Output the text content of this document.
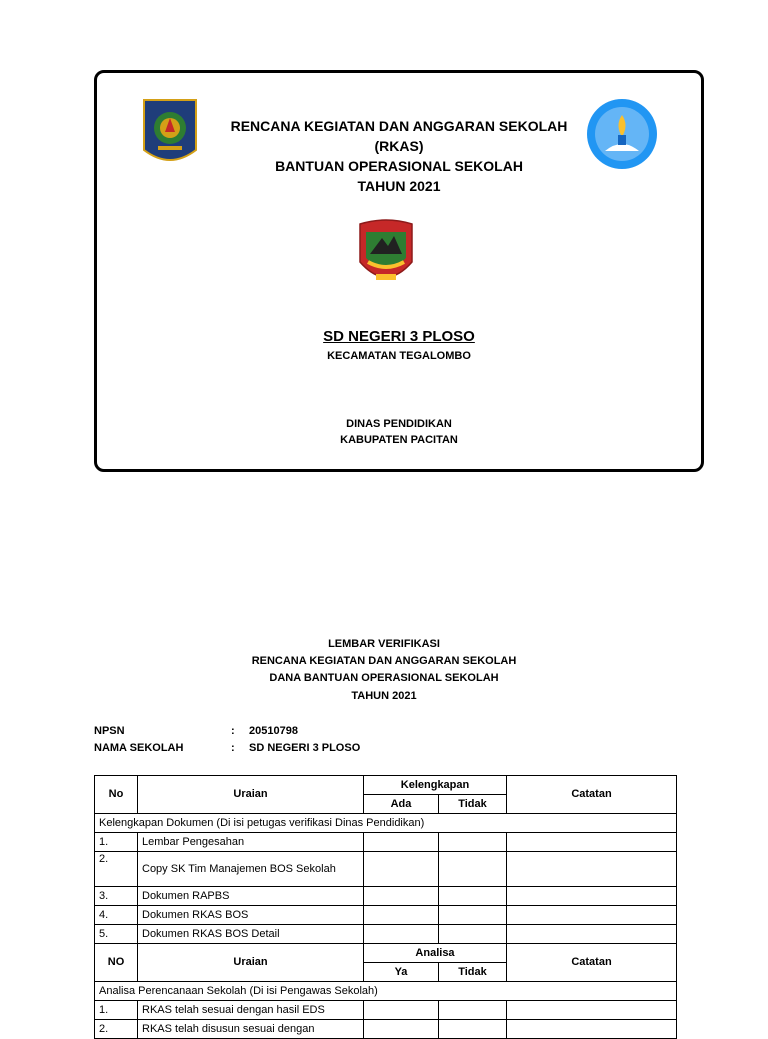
RENCANA KEGIATAN DAN ANGGARAN SEKOLAH
(RKAS)
BANTUAN OPERASIONAL SEKOLAH
TAHUN 2021
SD NEGERI 3 PLOSO
KECAMATAN TEGALOMBO
DINAS PENDIDIKAN
KABUPATEN PACITAN
LEMBAR VERIFIKASI
RENCANA KEGIATAN DAN ANGGARAN SEKOLAH
DANA BANTUAN OPERASIONAL SEKOLAH
TAHUN 2021
NPSN	: 20510798
NAMA SEKOLAH	: SD NEGERI 3 PLOSO
No	Uraian	Kelengkapan		Catatan
		Ada	Tidak	
Kelengkapan Dokumen (Di isi petugas verifikasi Dinas Pendidikan)				
1.	Lembar Pengesahan			
2.	Copy SK Tim Manajemen BOS Sekolah			
3.	Dokumen RAPBS			
4.	Dokumen RKAS BOS			
5.	Dokumen RKAS BOS Detail			
NO	Uraian	Analisa		Catatan
		Ya	Tidak	
Analisa Perencanaan Sekolah (Di isi Pengawas Sekolah)				
1.	RKAS telah sesuai dengan hasil EDS			
2.	RKAS telah disusun sesuai dengan			
